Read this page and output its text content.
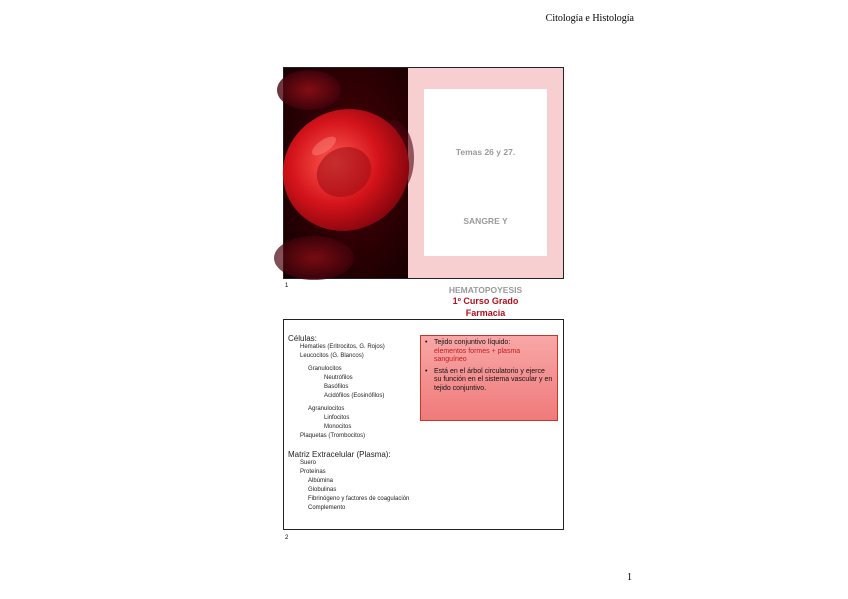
Citología e Histología
Temas 26 y 27.
SANGRE Y
HEMATOPOYESIS
1º Curso Grado
Farmacia
1
Células:
Hematíes (Eritrocitos, G. Rojos)
Leucocitos (G. Blancos)
Granulocitos
Neutrófilos
Basófilos
Acidófilos (Eosinófilos)
Agranulocitos
Linfocitos
Monocitos
Plaquetas (Trombocitos)
Matriz Extracelular (Plasma):
Suero
Proteínas
Albúmina
Globulinas
Fibrinógeno y factores de coagulación
Complemento
• Tejido conjuntivo líquido:
elementos formes + plasma sanguíneo
• Está en el árbol circulatorio y ejerce su función en el sistema vascular y en tejido conjuntivo.
2
1
